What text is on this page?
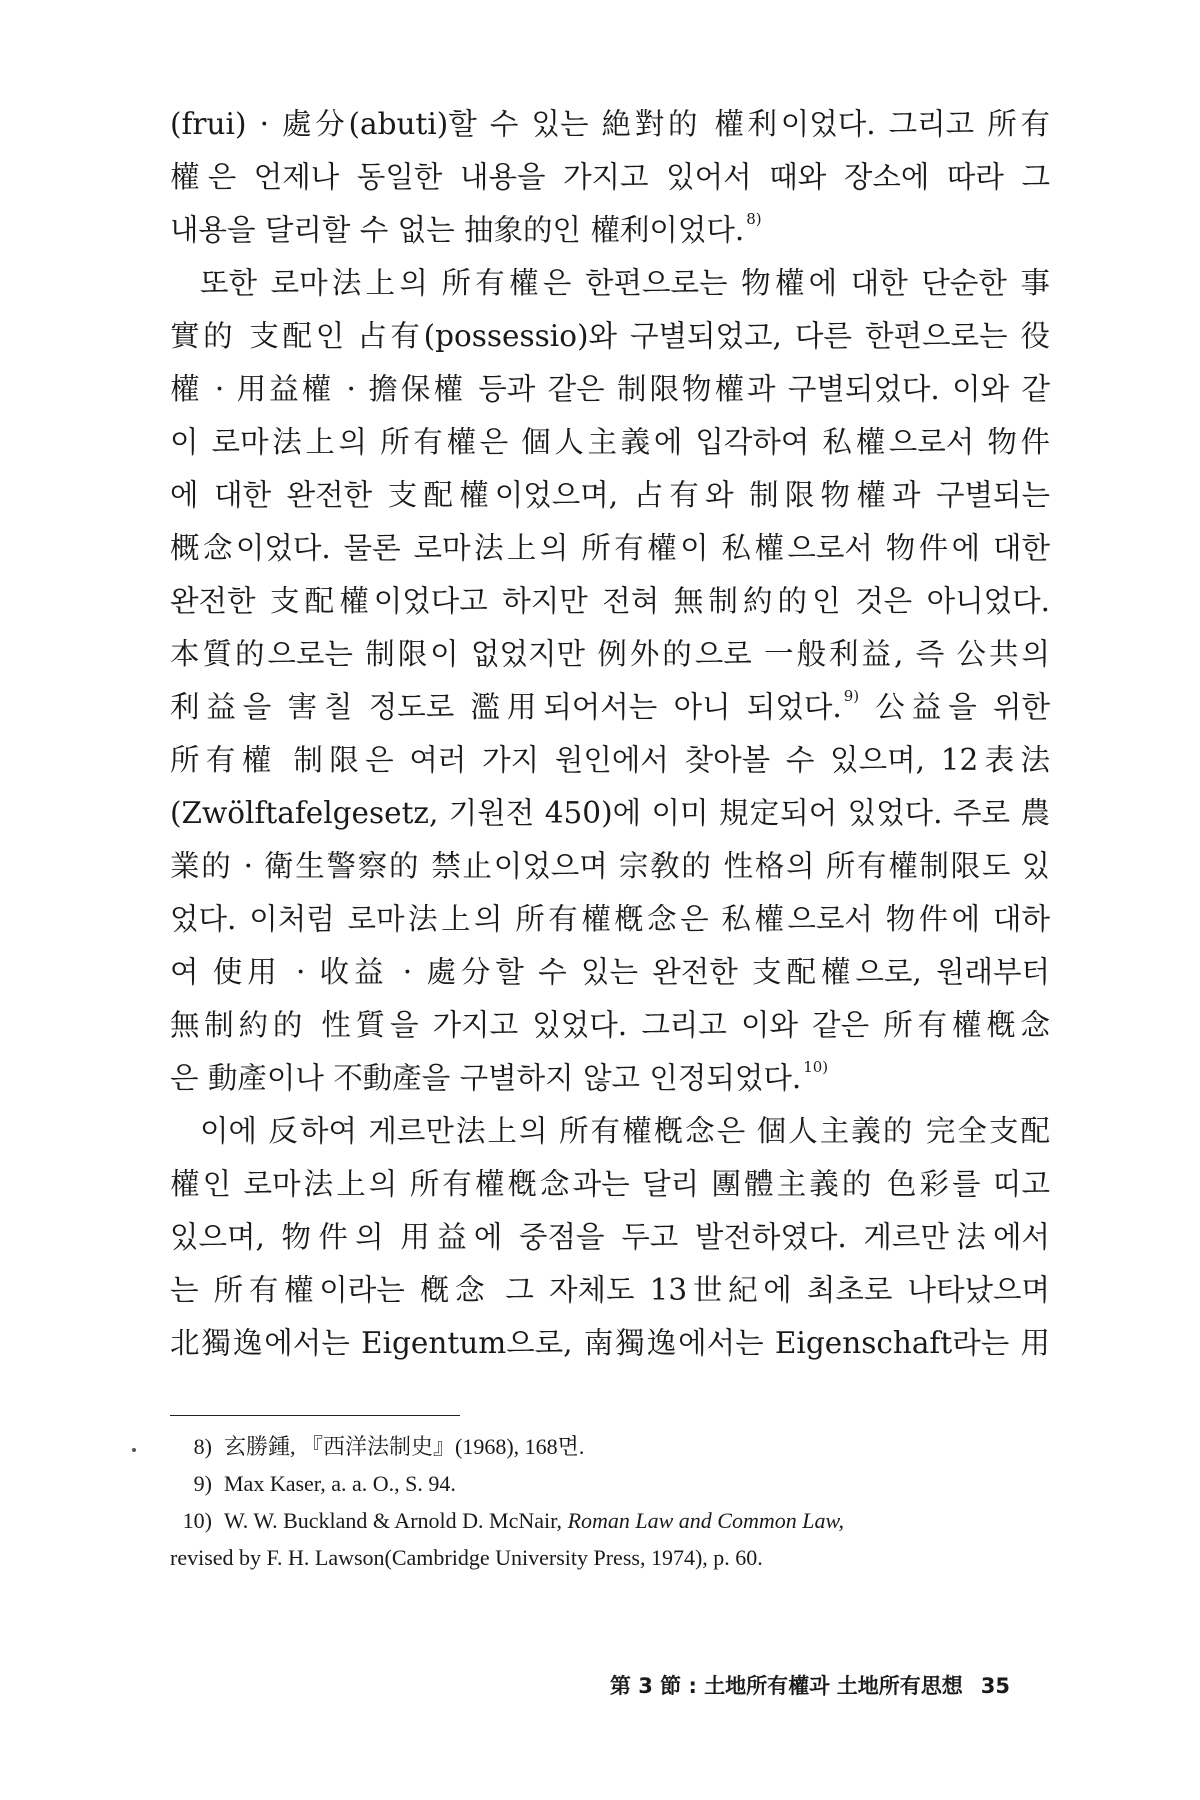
(frui) · 處分(abuti)할 수 있는 絶對的 權利이었다. 그리고 所有
權은 언제나 동일한 내용을 가지고 있어서 때와 장소에 따라 그
내용을 달리할 수 없는 抽象的인 權利이었다. $^{8)}$
또한 로마法上의 所有權은 한편으로는 物權에 대한 단순한 事
實的 支配인 占有(possessio)와 구별되었고, 다른 한편으로는 役
權 · 用益權 · 擔保權 등과 같은 制限物權과 구별되었다. 이와 같
이 로마法上의 所有權은 個人主義에 입각하여 私權으로서 物件
에 대한 완전한 支配權이었으며, 占有와 制限物權과 구별되는
概念이었다. 물론 로마法上의 所有權이 私權으로서 物件에 대한
완전한 支配權이었다고 하지만 전혀 無制約的인 것은 아니었다.
本質的으로는 制限이 없었지만 例外的으로 一般利益, 즉 公共의
利益을 害칠 정도로 濫用되어서는 아니 되었다. $^{9)}$ 公益을 위한
所有權 制限은 여러 가지 원인에서 찾아볼 수 있으며, 12表法
(Zwölftafelgesetz, 기원전 450)에 이미 規定되어 있었다. 주로 農
業的 · 衛生警察的 禁止이었으며 宗敎的 性格의 所有權制限도 있
었다. 이처럼 로마法上의 所有權槪念은 私權으로서 物件에 대하
여 使用 · 收益 · 處分할 수 있는 완전한 支配權으로, 원래부터
無制約的 性質을 가지고 있었다. 그리고 이와 같은 所有權槪念
은 動產이나 不動產을 구별하지 않고 인정되었다. $^{10)}$
이에 反하여 게르만法上의 所有權槪念은 個人主義的 完全支配
權인 로마法上의 所有權槪念과는 달리 團體主義的 色彩를 띠고
있으며, 物件의 用益에 중점을 두고 발전하였다. 게르만法에서
는 所有權이라는 槪念 그 자체도 13世紀에 최초로 나타났으며
北獨逸에서는 Eigentum으로, 南獨逸에서는 Eigenschaft라는 用
8) 玄勝鍾, 『西洋法制史』(1968), 168면.
9) Max Kaser, a. a. O., S. 94.
10) W. W. Buckland & Arnold D. McNair, Roman Law and Common Law,
revised by F. H. Lawson(Cambridge University Press, 1974), p. 60.
第 3 節 : 土地所有權과 土地所有思想 35
